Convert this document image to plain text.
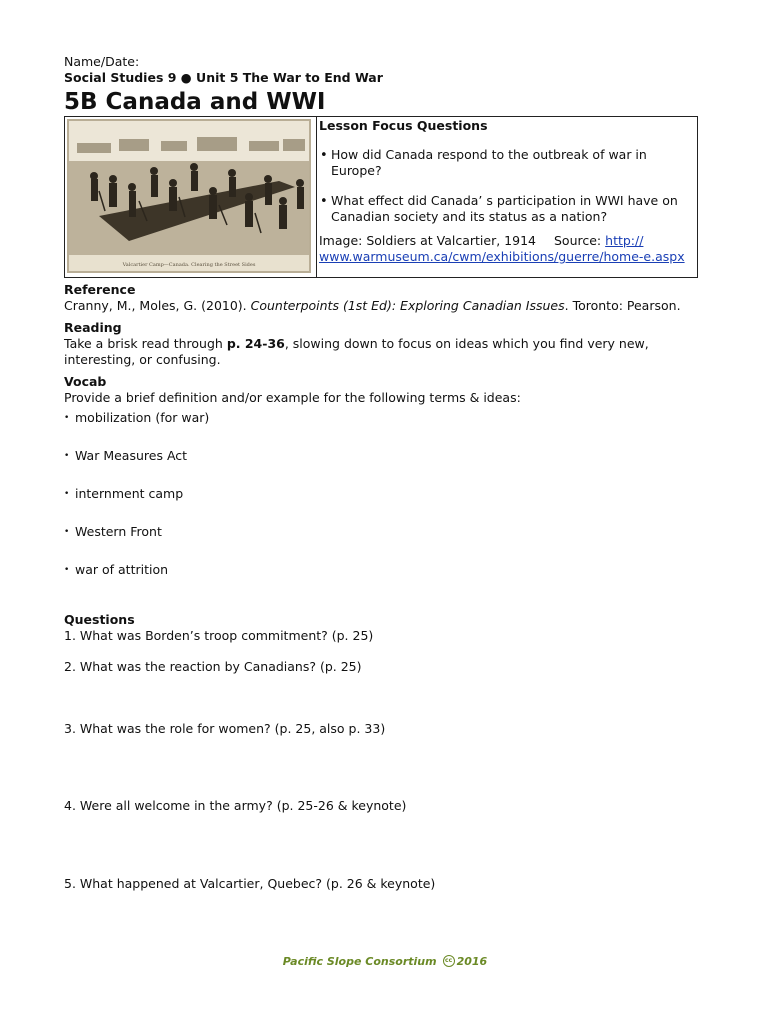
Name/Date:
Social Studies 9 ● Unit 5 The War to End War
5B Canada and WWI
Valcartier Camp—Canada. Clearing the Street Sides
Lesson Focus Questions
• How did Canada respond to the outbreak of war in Europe?
• What effect did Canada’ s participation in WWI have on Canadian society and its status as a nation?
Image: Soldiers at Valcartier, 1914 Source: http://
www.warmuseum.ca/cwm/exhibitions/guerre/home-e.aspx
Reference
Cranny, M., Moles, G. (2010). Counterpoints (1st Ed): Exploring Canadian Issues. Toronto: Pearson.
Reading
Take a brisk read through p. 24-36, slowing down to focus on ideas which you find very new, interesting, or confusing.
Vocab
Provide a brief definition and/or example for the following terms & ideas:
• mobilization (for war)
• War Measures Act
• internment camp
• Western Front
• war of attrition
Questions
1. What was Borden’s troop commitment? (p. 25)
2. What was the reaction by Canadians? (p. 25)
3. What was the role for women? (p. 25, also p. 33)
4. Were all welcome in the army? (p. 25-26 & keynote)
5. What happened at Valcartier, Quebec? (p. 26 & keynote)
Pacific Slope Consortium cc 2016
